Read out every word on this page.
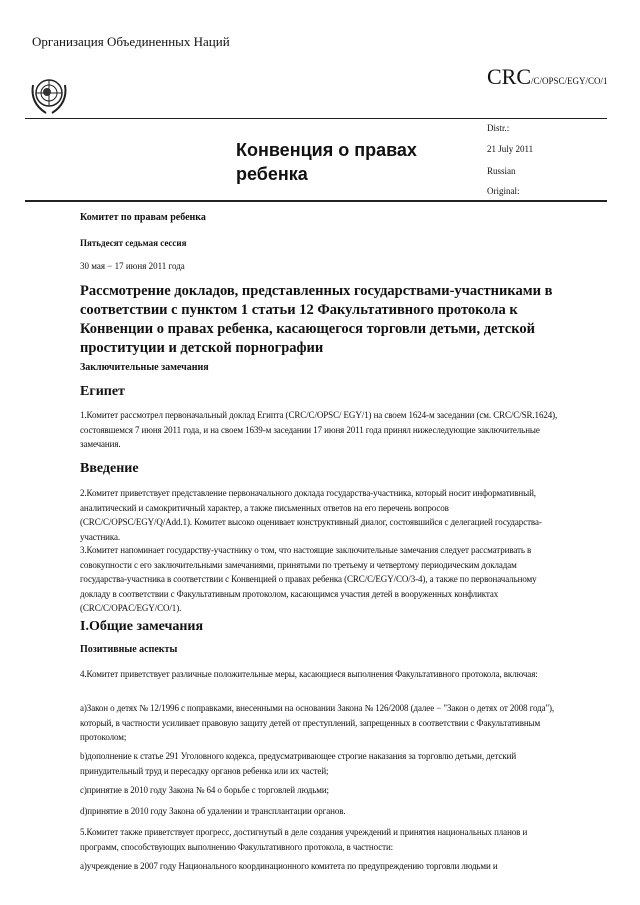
Организация Объединенных Наций
CRC/C/OPSC/EGY/CO/1
Конвенция о правах ребенка
Distr.:
21 July 2011
Russian
Original:
Комитет по правам ребенка
Пятьдесят седьмая сессия
30 мая − 17 июня 2011 года
Рассмотрение докладов, представленных государствами-участниками в соответствии с пунктом 1 статьи 12 Факультативного протокола к Конвенции о правах ребенка, касающегося торговли детьми, детской проституции и детской порнографии
Заключительные замечания
Египет
1.Комитет рассмотрел первоначальный доклад Египта (CRC/C/OPSC/ EGY/1) на своем 1624-м заседании (см. CRC/C/SR.1624), состоявшемся 7 июня 2011 года, и на своем 1639-м заседании 17 июня 2011 года принял нижеследующие заключительные замечания.
Введение
2.Комитет приветствует представление первоначального доклада государства-участника, который носит информативный, аналитический и самокритичный характер, а также письменных ответов на его перечень вопросов (CRC/C/OPSC/EGY/Q/Add.1). Комитет высоко оценивает конструктивный диалог, состоявшийся с делегацией государства-участника.
3.Комитет напоминает государству-участнику о том, что настоящие заключительные замечания следует рассматривать в совокупности с его заключительными замечаниями, принятыми по третьему и четвертому периодическим докладам государства-участника в соответствии с Конвенцией о правах ребенка (CRC/C/EGY/CO/3-4), а также по первоначальному докладу в соответствии с Факультативным протоколом, касающимся участия детей в вооруженных конфликтах (CRC/C/OPAC/EGY/CO/1).
I.Общие замечания
Позитивные аспекты
4.Комитет приветствует различные положительные меры, касающиеся выполнения Факультативного протокола, включая:
a)Закон о детях № 12/1996 с поправками, внесенными на основании Закона № 126/2008 (далее − "Закон о детях от 2008 года"), который, в частности усиливает правовую защиту детей от преступлений, запрещенных в соответствии с Факультативным протоколом;
b)дополнение к статье 291 Уголовного кодекса, предусматривающее строгие наказания за торговлю детьми, детский принудительный труд и пересадку органов ребенка или их частей;
c)принятие в 2010 году Закона № 64 о борьбе с торговлей людьми;
d)принятие в 2010 году Закона об удалении и трансплантации органов.
5.Комитет также приветствует прогресс, достигнутый в деле создания учреждений и принятия национальных планов и программ, способствующих выполнению Факультативного протокола, в частности:
a)учреждение в 2007 году Национального координационного комитета по предупреждению торговли людьми и
